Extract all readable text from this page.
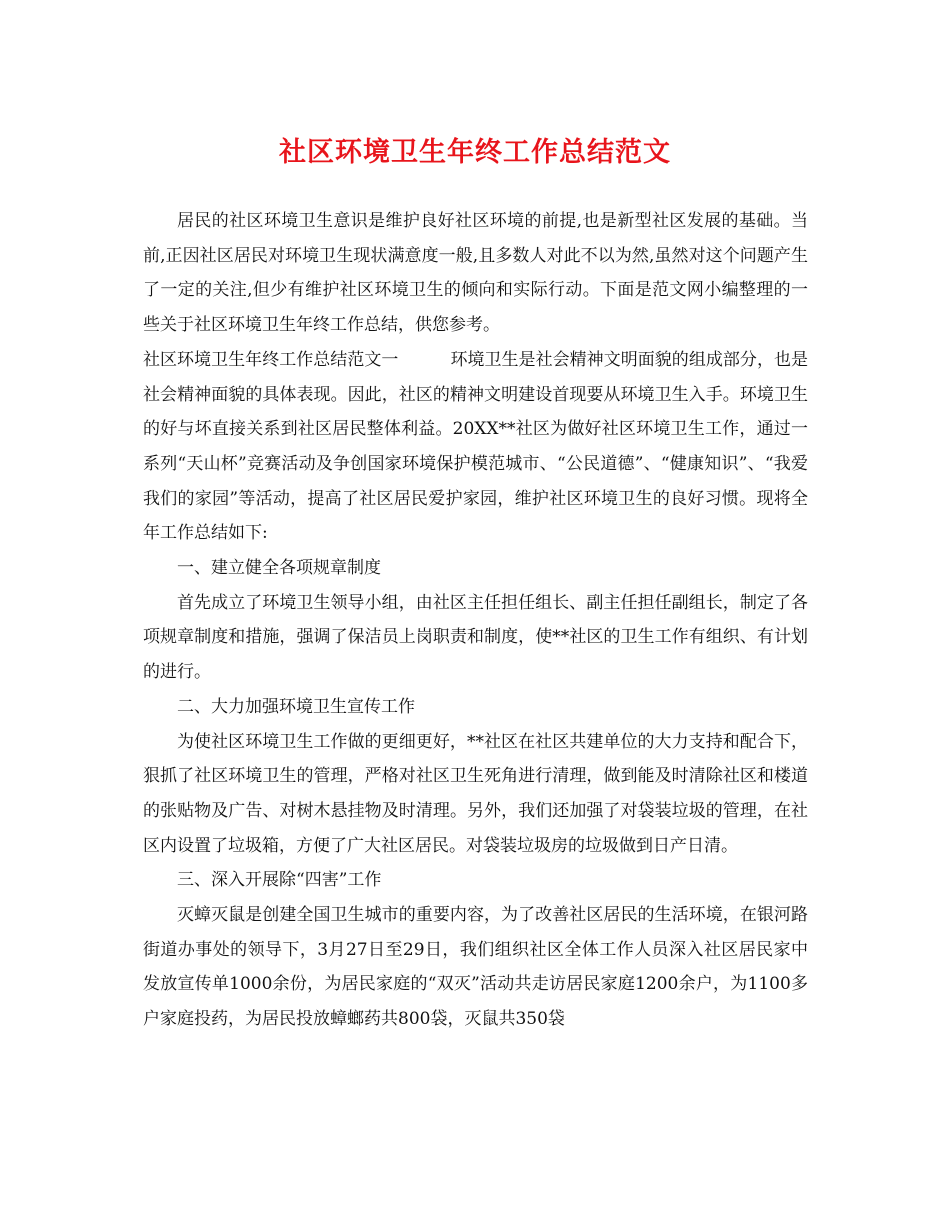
社区环境卫生年终工作总结范文

居民的社区环境卫生意识是维护良好社区环境的前提,也是新型社区发展的基础。当前,正因社区居民对环境卫生现状满意度一般,且多数人对此不以为然,虽然对这个问题产生了一定的关注,但少有维护社区环境卫生的倾向和实际行动。下面是范文网小编整理的一些关于社区环境卫生年终工作总结，供您参考。

社区环境卫生年终工作总结范文一	环境卫生是社会精神文明面貌的组成部分，也是社会精神面貌的具体表现。因此，社区的精神文明建设首现要从环境卫生入手。环境卫生的好与坏直接关系到社区居民整体利益。20XX**社区为做好社区环境卫生工作，通过一系列“天山杯”竞赛活动及争创国家环境保护模范城市、“公民道德”、“健康知识”、“我爱我们的家园”等活动，提高了社区居民爱护家园，维护社区环境卫生的良好习惯。现将全年工作总结如下:

一、建立健全各项规章制度

首先成立了环境卫生领导小组，由社区主任担任组长、副主任担任副组长，制定了各项规章制度和措施，强调了保洁员上岗职责和制度，使**社区的卫生工作有组织、有计划的进行。

二、大力加强环境卫生宣传工作

为使社区环境卫生工作做的更细更好，**社区在社区共建单位的大力支持和配合下，狠抓了社区环境卫生的管理，严格对社区卫生死角进行清理，做到能及时清除社区和楼道的张贴物及广告、对树木悬挂物及时清理。另外，我们还加强了对袋装垃圾的管理，在社区内设置了垃圾箱，方便了广大社区居民。对袋装垃圾房的垃圾做到日产日清。

三、深入开展除“四害”工作

灭蟑灭鼠是创建全国卫生城市的重要内容，为了改善社区居民的生活环境，在银河路街道办事处的领导下，3月27日至29日，我们组织社区全体工作人员深入社区居民家中发放宣传单1000余份，为居民家庭的“双灭”活动共走访居民家庭1200余户，为1100多户家庭投药，为居民投放蟑螂药共800袋，灭鼠共350袋
